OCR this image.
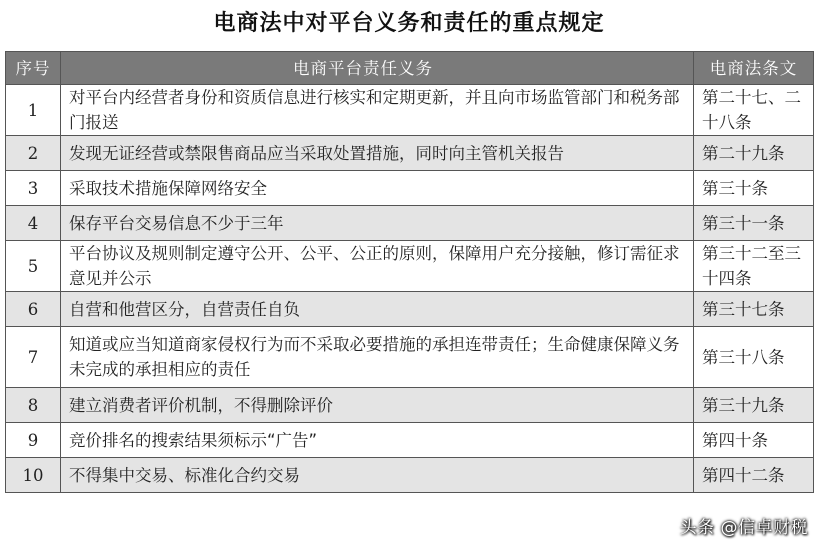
电商法中对平台义务和责任的重点规定
序号	电商平台责任义务	电商法条文
1	对平台内经营者身份和资质信息进行核实和定期更新，并且向市场监管部门和税务部门报送	第二十七、二十八条
2	发现无证经营或禁限售商品应当采取处置措施，同时向主管机关报告	第二十九条
3	采取技术措施保障网络安全	第三十条
4	保存平台交易信息不少于三年	第三十一条
5	平台协议及规则制定遵守公开、公平、公正的原则，保障用户充分接触，修订需征求意见并公示	第三十二至三十四条
6	自营和他营区分，自营责任自负	第三十七条
7	知道或应当知道商家侵权行为而不采取必要措施的承担连带责任；生命健康保障义务未完成的承担相应的责任	第三十八条
8	建立消费者评价机制，不得删除评价	第三十九条
9	竞价排名的搜索结果须标示“广告”	第四十条
10	不得集中交易、标准化合约交易	第四十二条
头条 @信卓财税
